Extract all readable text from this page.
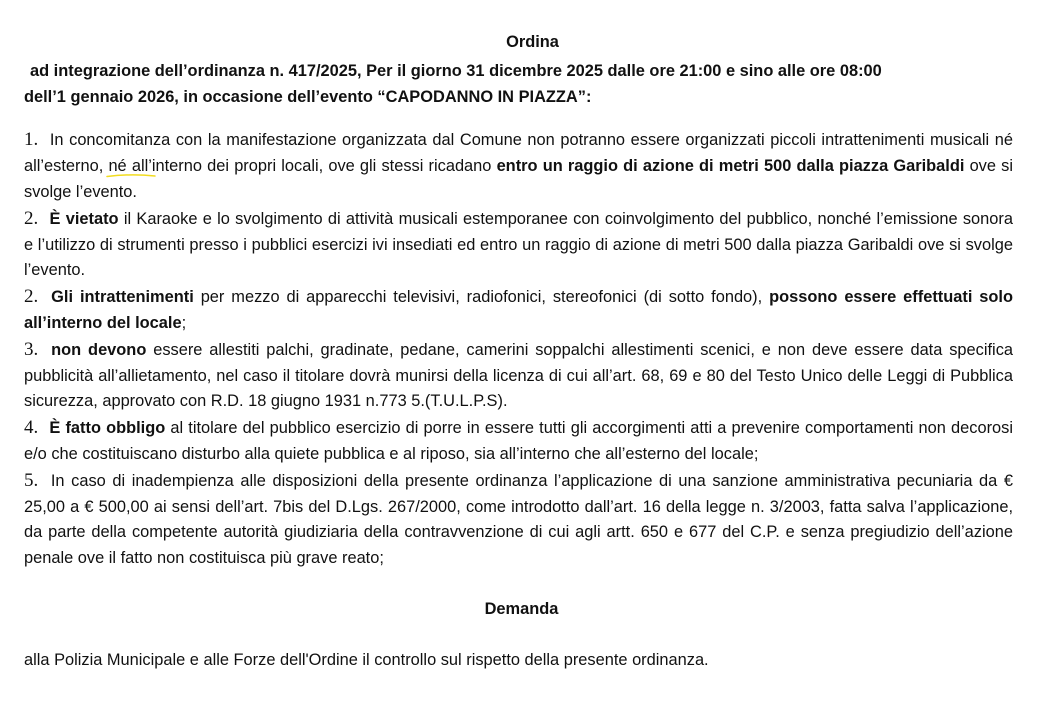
Ordina
ad integrazione dell’ordinanza n. 417/2025, Per il giorno 31 dicembre 2025 dalle ore 21:00 e sino alle ore 08:00
dell’1 gennaio 2026, in occasione dell’evento “CAPODANNO IN PIAZZA”:

1. In concomitanza con la manifestazione organizzata dal Comune non potranno essere organizzati piccoli intrattenimenti musicali né all’esterno, né all’interno
dei propri locali, ove gli stessi ricadano entro un raggio di azione di metri 500 dalla piazza Garibaldi ove si svolge l’evento.

2. È vietato il Karaoke e lo svolgimento di attività musicali estemporanee con coinvolgimento del pubblico, nonché l’emissione sonora e l’utilizzo di strumenti presso i pubblici esercizi ivi insediati ed entro un raggio di azione di metri 500 dalla piazza Garibaldi ove si svolge l’evento.

2. Gli intrattenimenti per mezzo di apparecchi televisivi, radiofonici, stereofonici (di sotto fondo), possono essere effettuati solo all’interno del locale;

3. non devono essere allestiti palchi, gradinate, pedane, camerini soppalchi allestimenti scenici, e non deve essere data specifica pubblicità all’allietamento, nel caso il titolare dovrà munirsi della licenza di cui all’art. 68, 69 e 80 del Testo Unico delle Leggi di Pubblica sicurezza, approvato con R.D. 18 giugno 1931 n.773 5.(T.U.L.P.S).

4. È fatto obbligo al titolare del pubblico esercizio di porre in essere tutti gli accorgimenti atti a prevenire comportamenti non decorosi e/o che costituiscano disturbo alla quiete pubblica e al riposo, sia all’interno che all’esterno del locale;

5. In caso di inadempienza alle disposizioni della presente ordinanza l’applicazione di una sanzione amministrativa pecuniaria da € 25,00 a € 500,00 ai sensi dell’art. 7bis del D.Lgs. 267/2000, come introdotto dall’art. 16 della legge n. 3/2003, fatta salva l’applicazione, da parte della competente autorità giudiziaria della contravvenzione di cui agli artt. 650 e 677 del C.P. e senza pregiudizio dell’azione penale ove il fatto non costituisca più grave reato;

Demanda
alla Polizia Municipale e alle Forze dell'Ordine il controllo sul rispetto della presente ordinanza.
